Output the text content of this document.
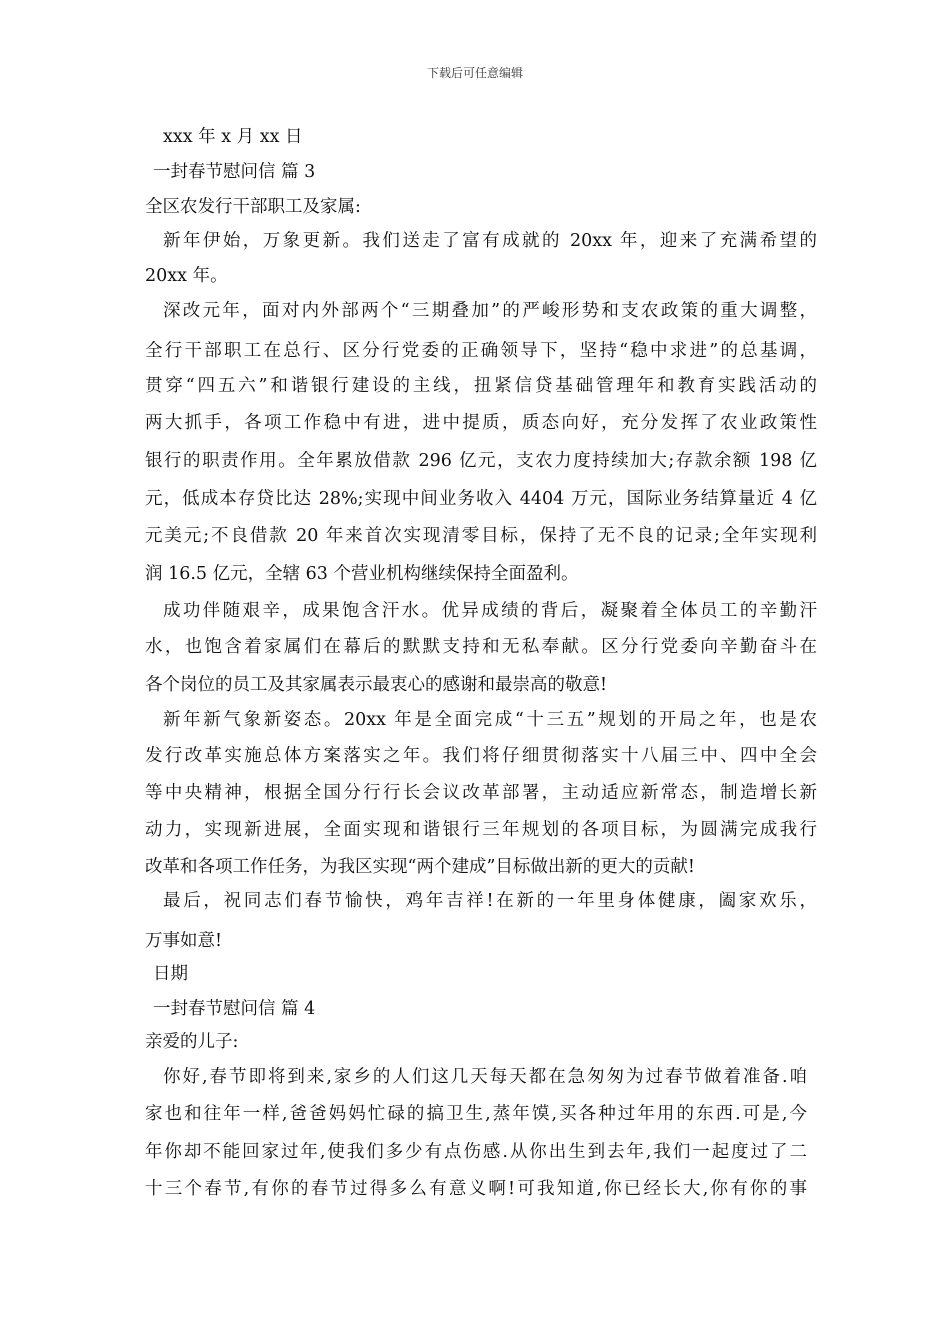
下载后可任意编辑
xxx 年 x 月 xx 日
一封春节慰问信 篇 3
全区农发行干部职工及家属:
新年伊始，万象更新。我们送走了富有成就的 20xx 年，迎来了充满希望的
20xx 年。
深改元年，面对内外部两个“三期叠加”的严峻形势和支农政策的重大调整，
全行干部职工在总行、区分行党委的正确领导下，坚持“稳中求进”的总基调，
贯穿“四五六”和谐银行建设的主线，扭紧信贷基础管理年和教育实践活动的
两大抓手，各项工作稳中有进，进中提质，质态向好，充分发挥了农业政策性
银行的职责作用。全年累放借款 296 亿元，支农力度持续加大;存款余额 198 亿
元，低成本存贷比达 28%;实现中间业务收入 4404 万元，国际业务结算量近 4 亿
元美元;不良借款 20 年来首次实现清零目标，保持了无不良的记录;全年实现利
润 16.5 亿元，全辖 63 个营业机构继续保持全面盈利。
成功伴随艰辛，成果饱含汗水。优异成绩的背后，凝聚着全体员工的辛勤汗
水，也饱含着家属们在幕后的默默支持和无私奉献。区分行党委向辛勤奋斗在
各个岗位的员工及其家属表示最衷心的感谢和最崇高的敬意!
新年新气象新姿态。20xx 年是全面完成“十三五”规划的开局之年，也是农
发行改革实施总体方案落实之年。我们将仔细贯彻落实十八届三中、四中全会
等中央精神，根据全国分行行长会议改革部署，主动适应新常态，制造增长新
动力，实现新进展，全面实现和谐银行三年规划的各项目标，为圆满完成我行
改革和各项工作任务，为我区实现“两个建成”目标做出新的更大的贡献!
最后，祝同志们春节愉快，鸡年吉祥!在新的一年里身体健康，阖家欢乐，
万事如意!
日期
一封春节慰问信 篇 4
亲爱的儿子:
你好,春节即将到来,家乡的人们这几天每天都在急匆匆为过春节做着准备.咱
家也和往年一样,爸爸妈妈忙碌的搞卫生,蒸年馍,买各种过年用的东西.可是,今
年你却不能回家过年,使我们多少有点伤感.从你出生到去年,我们一起度过了二
十三个春节,有你的春节过得多么有意义啊!可我知道,你已经长大,你有你的事
